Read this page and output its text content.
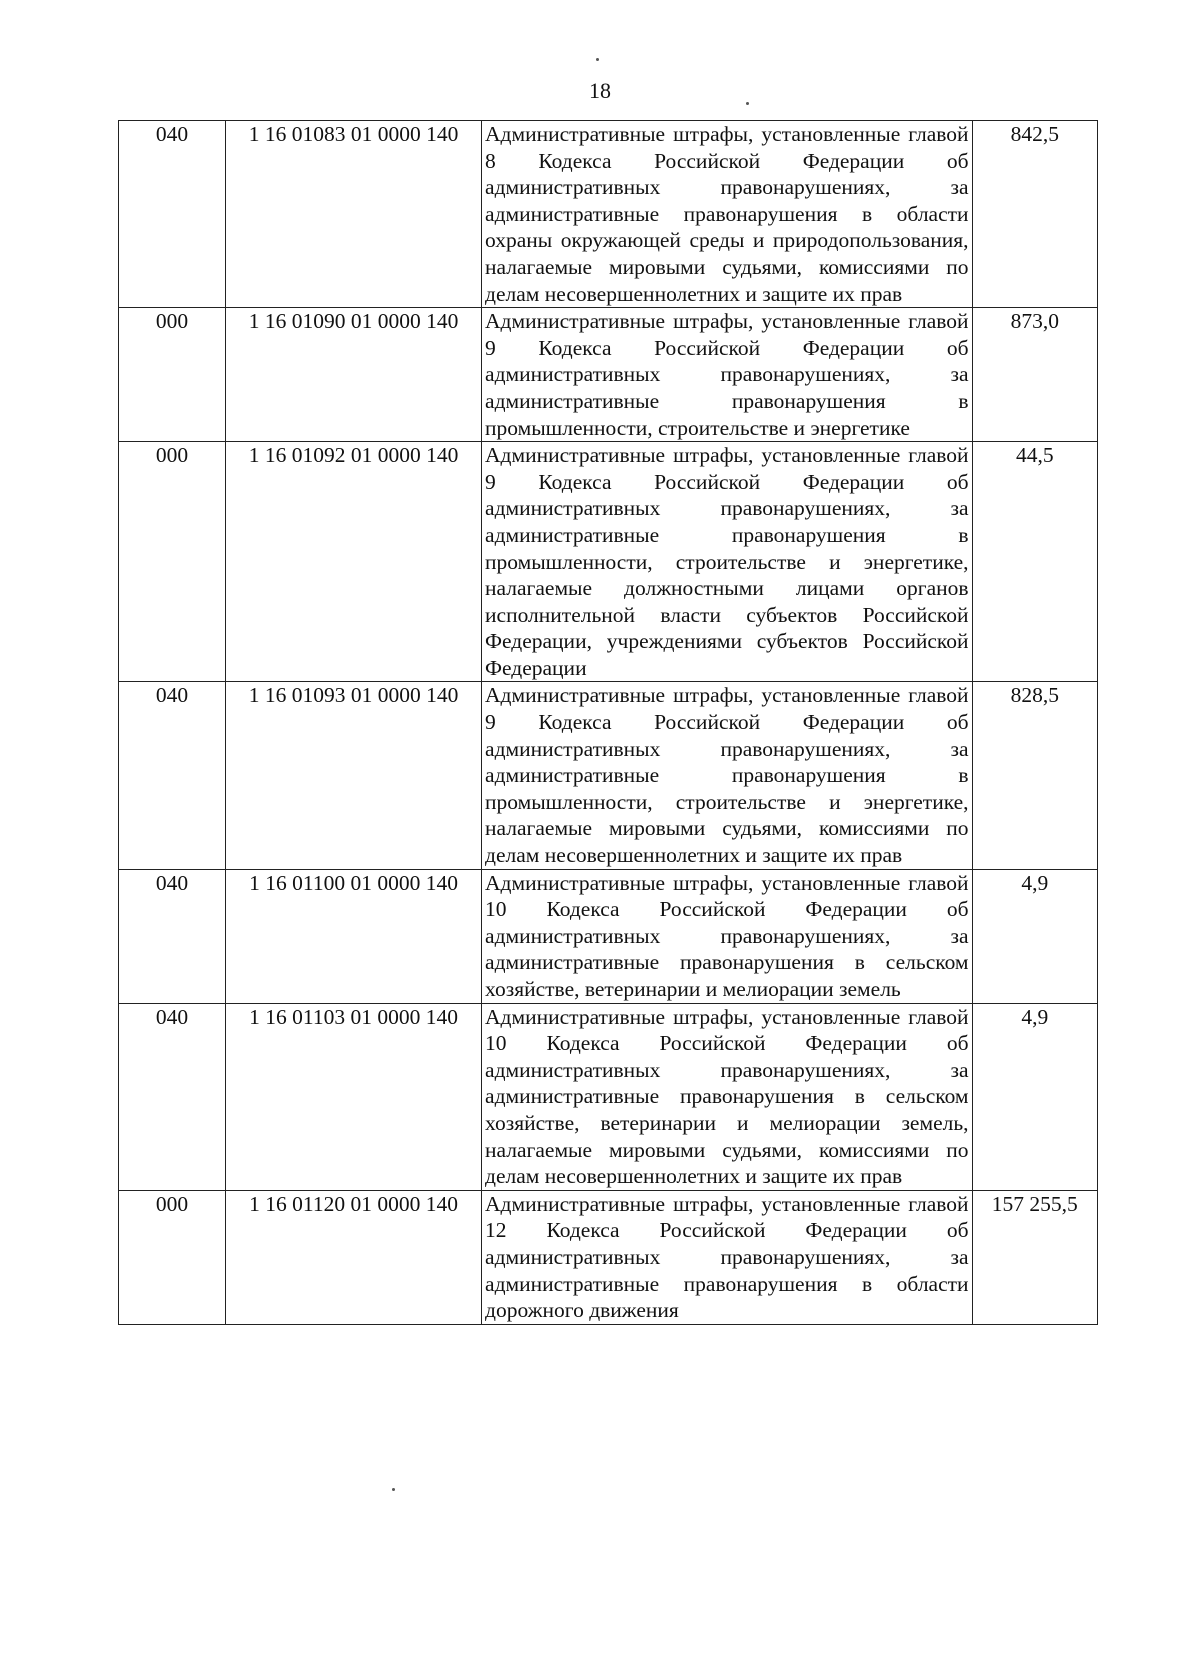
18
040	1 16 01083 01 0000 140	Административные штрафы, установленные главой 8 Кодекса Российской Федерации об административных правонарушениях, за административные правонарушения в области охраны окружающей среды и природопользования, налагаемые мировыми судьями, комиссиями по делам несовершеннолетних и защите их прав	842,5
000	1 16 01090 01 0000 140	Административные штрафы, установленные главой 9 Кодекса Российской Федерации об административных правонарушениях, за административные правонарушения в промышленности, строительстве и энергетике	873,0
000	1 16 01092 01 0000 140	Административные штрафы, установленные главой 9 Кодекса Российской Федерации об административных правонарушениях, за административные правонарушения в промышленности, строительстве и энергетике, налагаемые должностными лицами органов исполнительной власти субъектов Российской Федерации, учреждениями субъектов Российской Федерации	44,5
040	1 16 01093 01 0000 140	Административные штрафы, установленные главой 9 Кодекса Российской Федерации об административных правонарушениях, за административные правонарушения в промышленности, строительстве и энергетике, налагаемые мировыми судьями, комиссиями по делам несовершеннолетних и защите их прав	828,5
040	1 16 01100 01 0000 140	Административные штрафы, установленные главой 10 Кодекса Российской Федерации об административных правонарушениях, за административные правонарушения в сельском хозяйстве, ветеринарии и мелиорации земель	4,9
040	1 16 01103 01 0000 140	Административные штрафы, установленные главой 10 Кодекса Российской Федерации об административных правонарушениях, за административные правонарушения в сельском хозяйстве, ветеринарии и мелиорации земель, налагаемые мировыми судьями, комиссиями по делам несовершеннолетних и защите их прав	4,9
000	1 16 01120 01 0000 140	Административные штрафы, установленные главой 12 Кодекса Российской Федерации об административных правонарушениях, за административные правонарушения в области дорожного движения	157 255,5
